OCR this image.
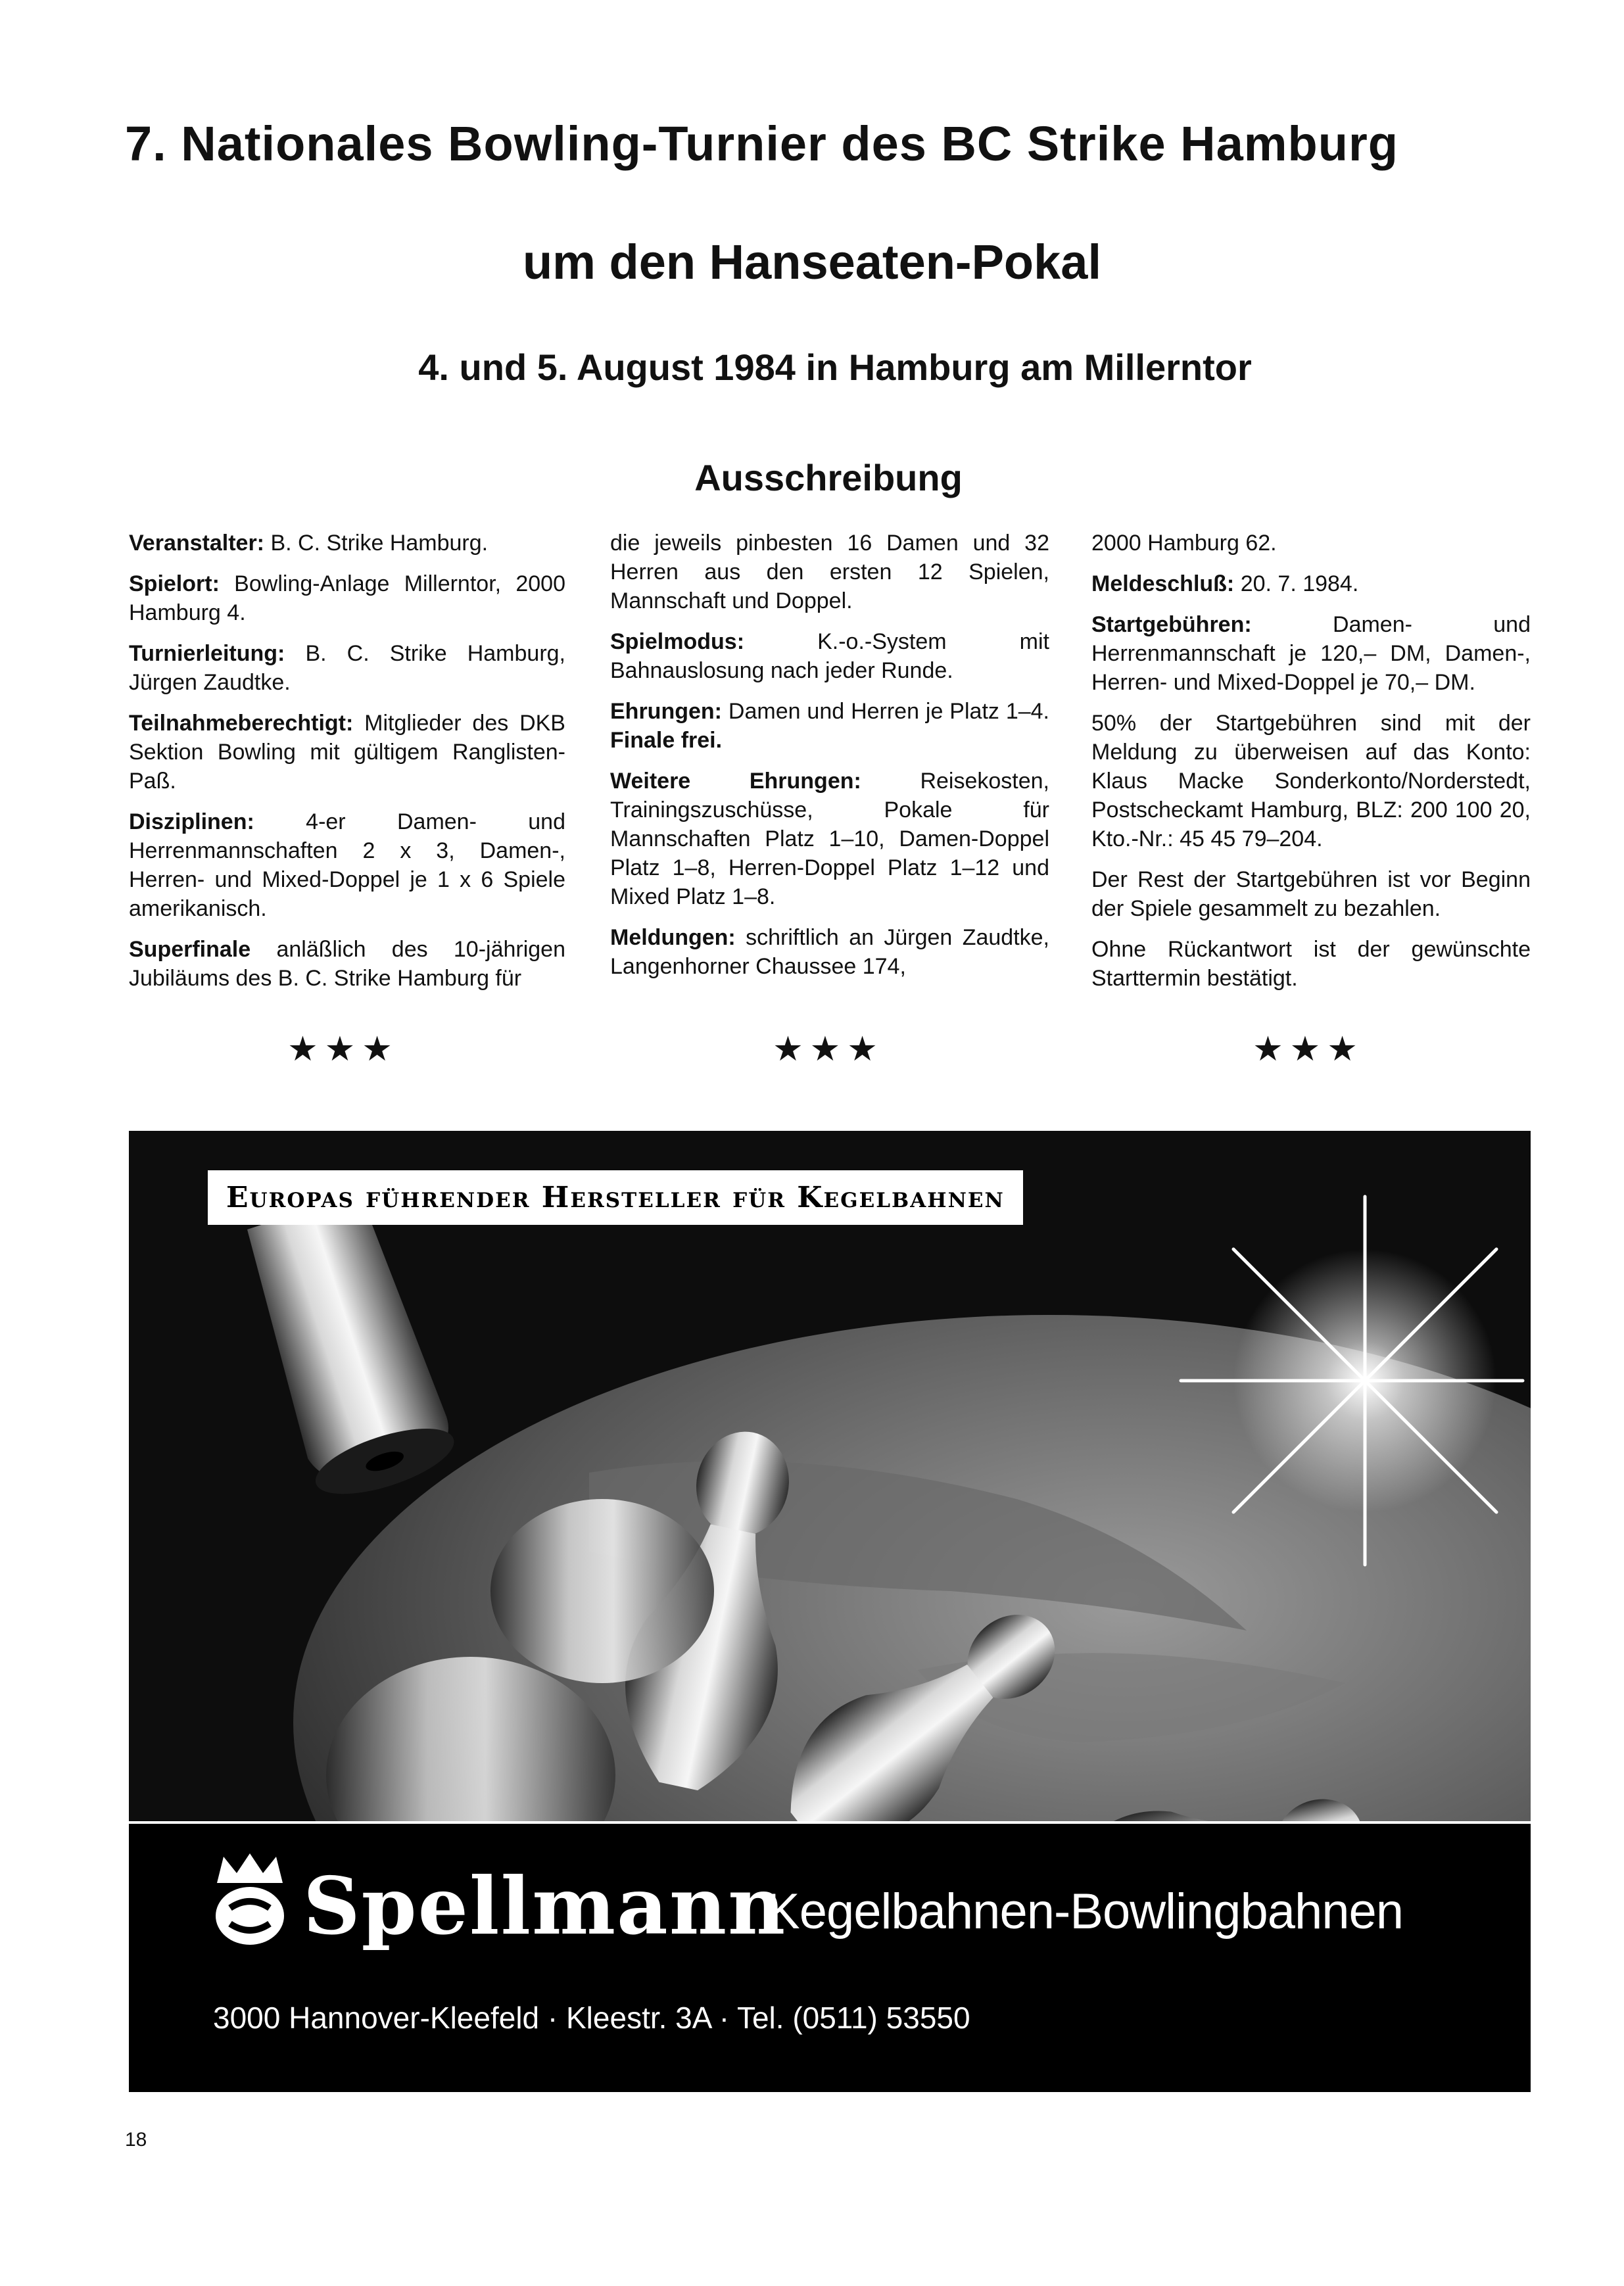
7. Nationales Bowling-Turnier des BC Strike Hamburg
um den Hanseaten-Pokal
4. und 5. August 1984 in Hamburg am Millerntor
Ausschreibung

Veranstalter: B. C. Strike Hamburg.

Spielort: Bowling-Anlage Millerntor, 2000 Hamburg 4.

Turnierleitung: B. C. Strike Hamburg, Jürgen Zaudtke.

Teilnahmeberechtigt: Mitglieder des DKB Sektion Bowling mit gültigem Ranglisten-Paß.

Disziplinen: 4-er Damen- und Herrenmannschaften 2 x 3, Damen-, Herren- und Mixed-Doppel je 1 x 6 Spiele amerikanisch.

Superfinale anläßlich des 10-jährigen Jubiläums des B. C. Strike Hamburg für

die jeweils pinbesten 16 Damen und 32 Herren aus den ersten 12 Spielen, Mannschaft und Doppel.

Spielmodus: K.-o.-System mit Bahnauslosung nach jeder Runde.

Ehrungen: Damen und Herren je Platz 1–4. Finale frei.

Weitere Ehrungen: Reisekosten, Trainingszuschüsse, Pokale für Mannschaften Platz 1–10, Damen-Doppel Platz 1–8, Herren-Doppel Platz 1–12 und Mixed Platz 1–8.

Meldungen: schriftlich an Jürgen Zaudtke, Langenhorner Chaussee 174,

2000 Hamburg 62.

Meldeschluß: 20. 7. 1984.

Startgebühren: Damen- und Herrenmannschaft je 120,– DM, Damen-, Herren- und Mixed-Doppel je 70,– DM.

50% der Startgebühren sind mit der Meldung zu überweisen auf das Konto: Klaus Macke Sonderkonto/Norderstedt, Postscheckamt Hamburg, BLZ: 200 100 20, Kto.-Nr.: 45 45 79–204.

Der Rest der Startgebühren ist vor Beginn der Spiele gesammelt zu bezahlen.

Ohne Rückantwort ist der gewünschte Starttermin bestätigt.

★★★	★★★	★★★
Europas führender Hersteller für Kegelbahnen
Spellmann
Kegelbahnen-Bowlingbahnen
3000 Hannover-Kleefeld · Kleestr. 3A · Tel. (0511) 53550
18
